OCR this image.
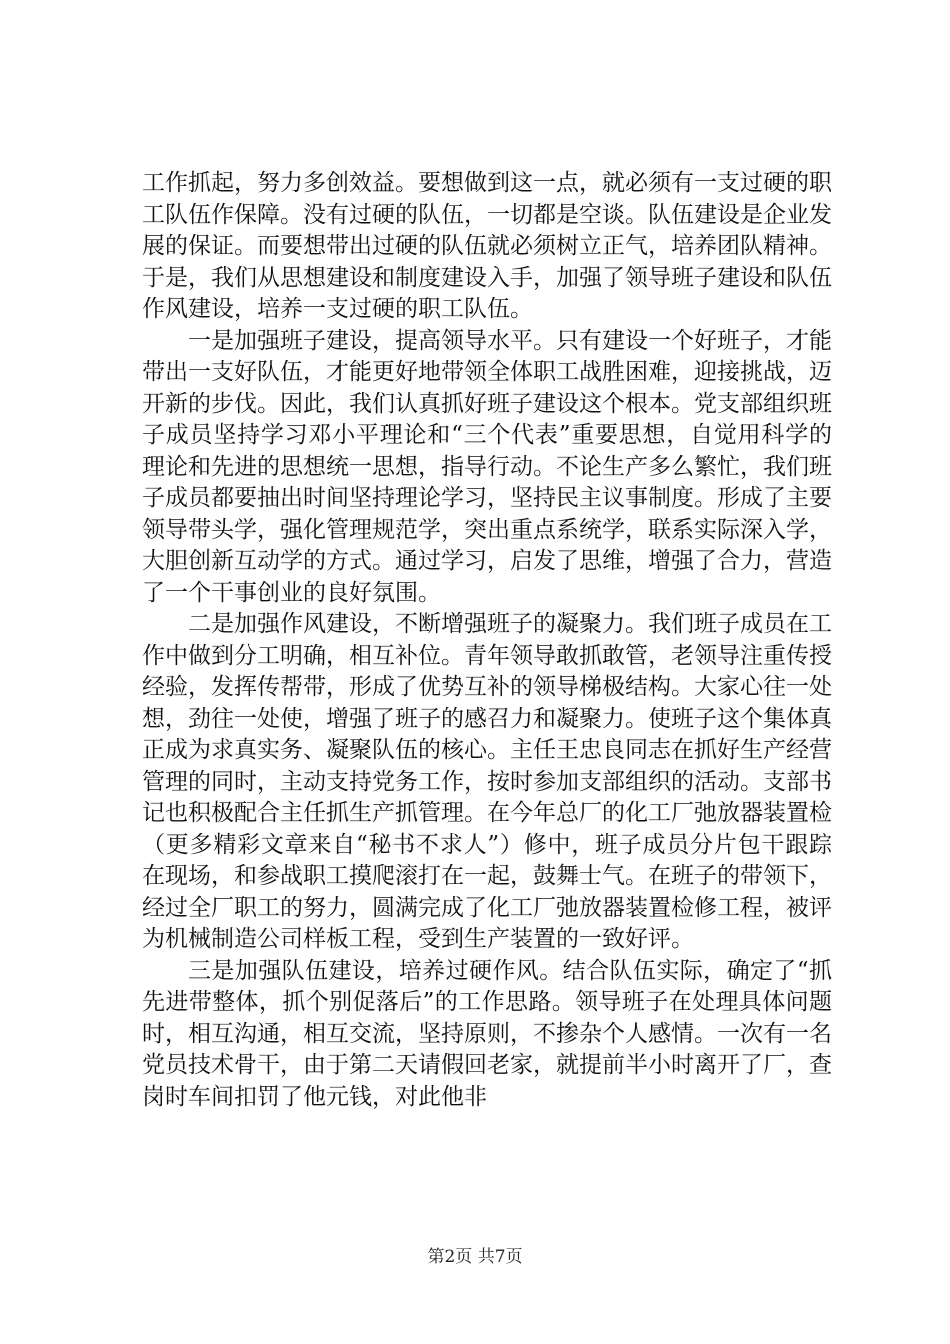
工作抓起，努力多创效益。要想做到这一点，就必须有一支过硬的职工队伍作保障。没有过硬的队伍，一切都是空谈。队伍建设是企业发展的保证。而要想带出过硬的队伍就必须树立正气，培养团队精神。于是，我们从思想建设和制度建设入手，加强了领导班子建设和队伍作风建设，培养一支过硬的职工队伍。

一是加强班子建设，提高领导水平。只有建设一个好班子，才能带出一支好队伍，才能更好地带领全体职工战胜困难，迎接挑战，迈开新的步伐。因此，我们认真抓好班子建设这个根本。党支部组织班子成员坚持学习邓小平理论和“三个代表”重要思想，自觉用科学的理论和先进的思想统一思想，指导行动。不论生产多么繁忙，我们班子成员都要抽出时间坚持理论学习，坚持民主议事制度。形成了主要领导带头学，强化管理规范学，突出重点系统学，联系实际深入学，大胆创新互动学的方式。通过学习，启发了思维，增强了合力，营造了一个干事创业的良好氛围。

二是加强作风建设，不断增强班子的凝聚力。我们班子成员在工作中做到分工明确，相互补位。青年领导敢抓敢管，老领导注重传授经验，发挥传帮带，形成了优势互补的领导梯极结构。大家心往一处想，劲往一处使，增强了班子的感召力和凝聚力。使班子这个集体真正成为求真实务、凝聚队伍的核心。主任王忠良同志在抓好生产经营管理的同时，主动支持党务工作，按时参加支部组织的活动。支部书记也积极配合主任抓生产抓管理。在今年总厂的化工厂弛放器装置检（更多精彩文章来自“秘书不求人”）修中，班子成员分片包干跟踪在现场，和参战职工摸爬滚打在一起，鼓舞士气。在班子的带领下，经过全厂职工的努力，圆满完成了化工厂弛放器装置检修工程，被评为机械制造公司样板工程，受到生产装置的一致好评。

三是加强队伍建设，培养过硬作风。结合队伍实际，确定了“抓先进带整体，抓个别促落后”的工作思路。领导班子在处理具体问题时，相互沟通，相互交流，坚持原则，不掺杂个人感情。一次有一名党员技术骨干，由于第二天请假回老家，就提前半小时离开了厂，查岗时车间扣罚了他元钱，对此他非

第2页 共7页
